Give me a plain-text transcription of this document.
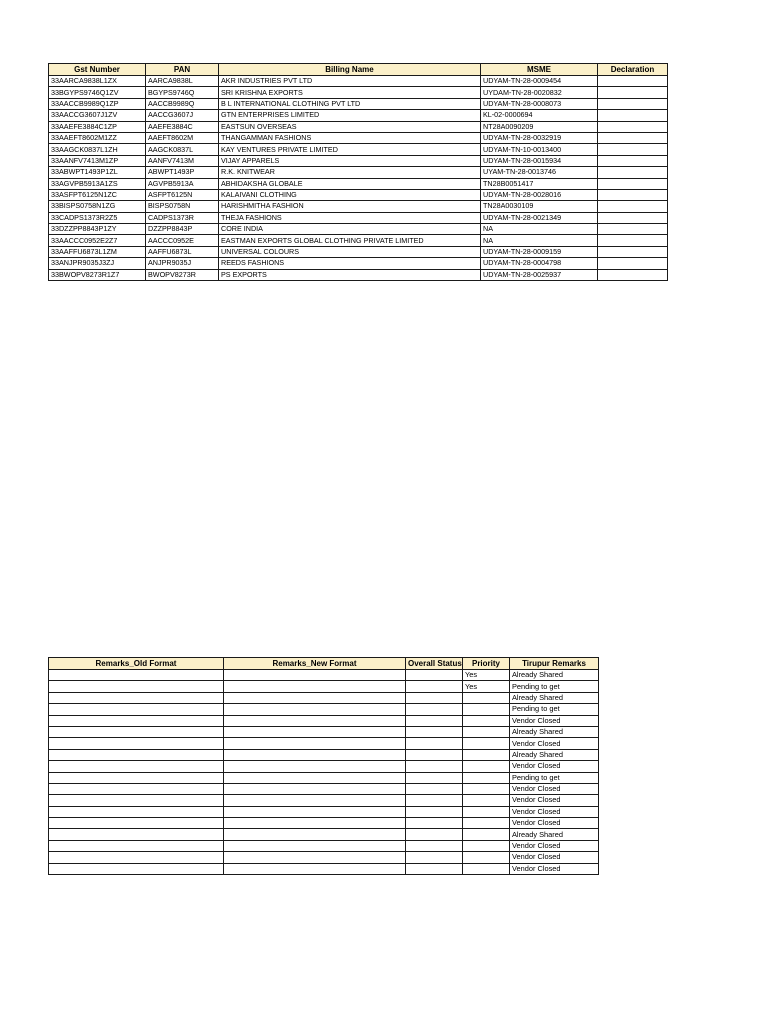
Gst Number	PAN	Billing Name	MSME	Declaration
33AARCA9838L1ZX	AARCA9838L	AKR INDUSTRIES PVT LTD	UDYAM-TN-28-0009454	
33BGYPS9746Q1ZV	BGYPS9746Q	SRI KRISHNA EXPORTS	UYDAM-TN-28-0020832	
33AACCB9989Q1ZP	AACCB9989Q	B L INTERNATIONAL CLOTHING PVT LTD	UDYAM-TN-28-0008073	
33AACCG3607J1ZV	AACCG3607J	GTN ENTERPRISES LIMITED	KL-02-0000694	
33AAEFE3884C1ZP	AAEFE3884C	EASTSUN OVERSEAS	NT28A0090209	
33AAEFT8602M1ZZ	AAEFT8602M	THANGAMMAN FASHIONS	UDYAM-TN-28-0032919	
33AAGCK0837L1ZH	AAGCK0837L	KAY VENTURES PRIVATE LIMITED	UDYAM-TN-10-0013400	
33AANFV7413M1ZP	AANFV7413M	VIJAY APPARELS	UDYAM-TN-28-0015934	
33ABWPT1493P1ZL	ABWPT1493P	R.K. KNITWEAR	UYAM-TN-28-0013746	
33AGVPB5913A1ZS	AGVPB5913A	ABHIDAKSHA GLOBALE	TN28B0051417	
33ASFPT6125N1ZC	ASFPT6125N	KALAIVANI CLOTHING	UDYAM-TN-28-0028016	
33BISPS0758N1ZG	BISPS0758N	HARISHMITHA FASHION	TN28A0030109	
33CADPS1373R2Z5	CADPS1373R	THEJA FASHIONS	UDYAM-TN-28-0021349	
33DZZPP8843P1ZY	DZZPP8843P	CORE INDIA	NA	
33AACCC0952E2Z7	AACCC0952E	EASTMAN EXPORTS GLOBAL CLOTHING PRIVATE LIMITED	NA	
33AAFFU6873L1ZM	AAFFU6873L	UNIVERSAL COLOURS	UDYAM-TN-28-0009159	
33ANJPR9035J3ZJ	ANJPR9035J	REEDS FASHIONS	UDYAM-TN-28-0004798	
33BWOPV8273R1Z7	BWOPV8273R	PS EXPORTS	UDYAM-TN-28-0025937	
Remarks_Old Format	Remarks_New Format	Overall Status	Priority	Tirupur Remarks
			Yes	Already Shared
			Yes	Pending to get
				Already Shared
				Pending to get
				Vendor Closed
				Already Shared
				Vendor Closed
				Already Shared
				Vendor Closed
				Pending to get
				Vendor Closed
				Vendor Closed
				Vendor Closed
				Vendor Closed
				Already Shared
				Vendor Closed
				Vendor Closed
				Vendor Closed
